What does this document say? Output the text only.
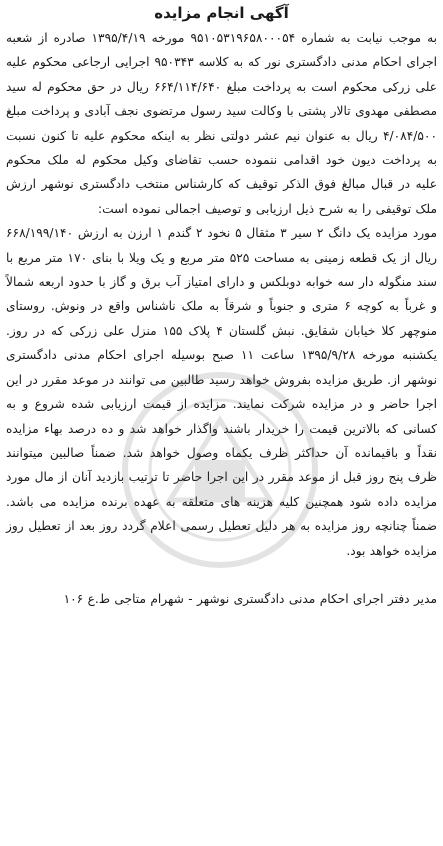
آگهی انجام مزایده

به موجب نیابت به شماره ۹۵۱۰۵۳۱۹۶۵۸۰۰۰۵۴ مورخه ۱۳۹۵/۴/۱۹ صادره از شعبه اجرای احکام مدنی دادگستری نور که به کلاسه ۹۵۰۳۴۳ اجرایی ارجاعی محکوم علیه علی زرکی محکوم است به پرداخت مبلغ ۶۶۴/۱۱۴/۶۴۰ ریال در حق محکوم له سید مصطفی مهدوی تالار پشتی با وکالت سید رسول مرتضوی نجف آبادی و پرداخت مبلغ ۴/۰۸۴/۵۰۰ ریال به عنوان نیم عشر دولتی نظر به اینکه محکوم علیه تا کنون نسبت به پرداخت دیون خود اقدامی ننموده حسب تقاضای وکیل محکوم له ملک محکوم علیه در قبال مبالغ فوق الذکر توقیف که کارشناس منتخب دادگستری نوشهر ارزش ملک توقیفی را به شرح ذیل ارزیابی و توصیف اجمالی نموده است:

مورد مزایده یک دانگ ۲ سیر ۳ مثقال ۵ نخود ۲ گندم ۱ ارزن به ارزش ۶۶۸/۱۹۹/۱۴۰ ریال از یک قطعه زمینی به مساحت ۵۲۵ متر مربع و یک ویلا با بنای ۱۷۰ متر مربع با سند منگوله دار سه خوابه دوبلکس و دارای امتیاز آب برق و گاز با حدود اربعه شمالاً و غرباً به کوچه ۶ متری و جنوباً و شرقاً به ملک ناشناس واقع در ونوش. روستای منوچهر کلا خیابان شقایق. نبش گلستان ۴ پلاک ۱۵۵ منزل علی زرکی که در روز. یکشنبه مورخه ۱۳۹۵/۹/۲۸ ساعت ۱۱ صبح بوسیله اجرای احکام مدنی دادگستری نوشهر از. طریق مزایده بفروش خواهد رسید طالبین می توانند در موعد مقرر در این اجرا حاضر و در مزایده شرکت نمایند. مزایده از قیمت ارزیابی شده شروع و به کسانی که بالاترین قیمت را خریدار باشند واگذار خواهد شد و ده درصد بهاء مزایده نقداً و باقیمانده آن حداکثر ظرف یکماه وصول خواهد شد. ضمناً صالبین میتوانند ظرف پنج روز قبل از موعد مقرر در این اجرا حاضر تا ترتیب بازدید آنان از مال مورد مزایده داده شود همچنین کلیه هزینه های متعلقه به عهده برنده مزایده می باشد. ضمناً چنانچه روز مزایده به هر دلیل تعطیل رسمی اعلام گردد روز بعد از تعطیل روز مزایده خواهد بود.

مدیر دفتر اجرای احکام مدنی دادگستری نوشهر - شهرام متاجی ط.ع ۱۰۶
